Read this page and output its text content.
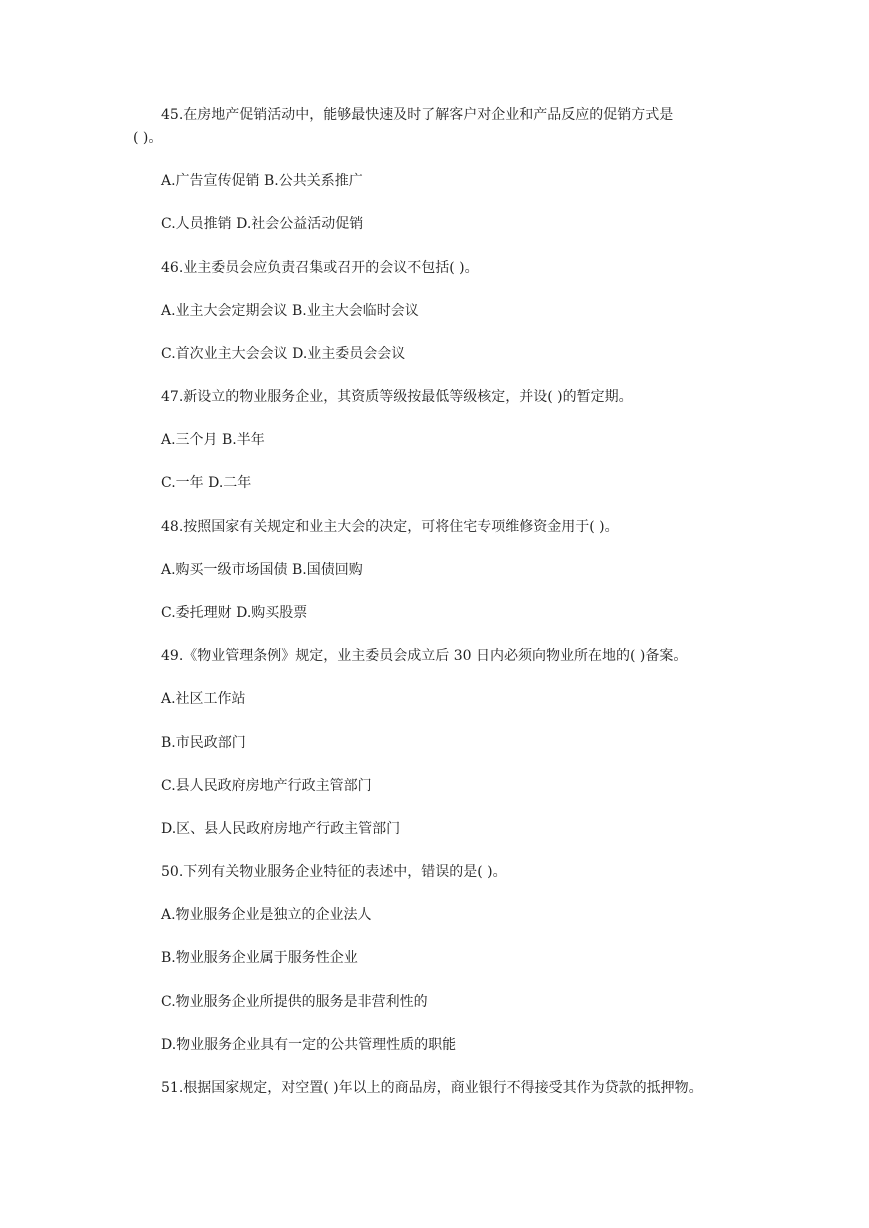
45.在房地产促销活动中，能够最快速及时了解客户对企业和产品反应的促销方式是
( )。
A.广告宣传促销 B.公共关系推广
C.人员推销 D.社会公益活动促销
46.业主委员会应负责召集或召开的会议不包括( )。
A.业主大会定期会议 B.业主大会临时会议
C.首次业主大会会议 D.业主委员会会议
47.新设立的物业服务企业，其资质等级按最低等级核定，并设( )的暂定期。
A.三个月 B.半年
C.一年 D.二年
48.按照国家有关规定和业主大会的决定，可将住宅专项维修资金用于( )。
A.购买一级市场国债 B.国债回购
C.委托理财 D.购买股票
49.《物业管理条例》规定，业主委员会成立后 30 日内必须向物业所在地的( )备案。
A.社区工作站
B.市民政部门
C.县人民政府房地产行政主管部门
D.区、县人民政府房地产行政主管部门
50.下列有关物业服务企业特征的表述中，错误的是( )。
A.物业服务企业是独立的企业法人
B.物业服务企业属于服务性企业
C.物业服务企业所提供的服务是非营利性的
D.物业服务企业具有一定的公共管理性质的职能
51.根据国家规定，对空置( )年以上的商品房，商业银行不得接受其作为贷款的抵押物。
